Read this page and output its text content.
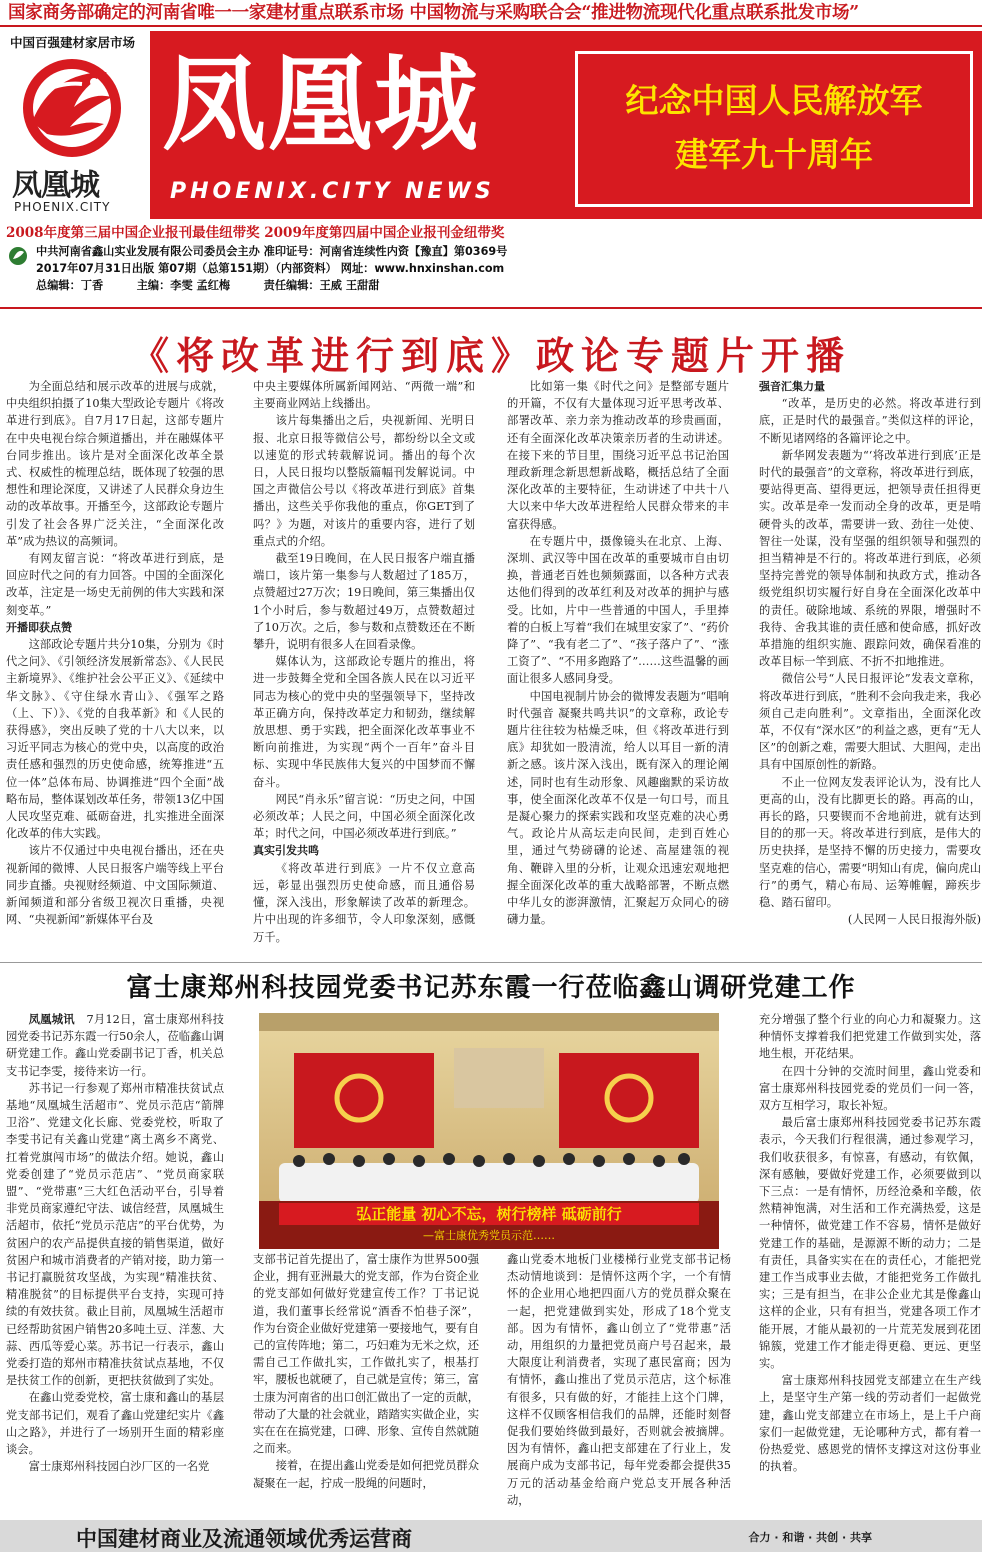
国家商务部确定的河南省唯一一家建材重点联系市场 中国物流与采购联合会“推进物流现代化重点联系批发市场”
中国百强建材家居市场
凤凰城
PHOENIX.CITY
凤凰城
PHOENIX.CITY NEWS
纪念中国人民解放军
建军九十周年
2008年度第三届中国企业报刊最佳纽带奖 2009年度第四届中国企业报刊金纽带奖
中共河南省鑫山实业发展有限公司委员会主办 准印证号：河南省连续性内资【豫直】第0369号
2017年07月31日出版 第07期（总第151期）（内部资料） 网址：www.hnxinshan.com
总编辑：丁香　　　主编：李雯 孟红梅　　　责任编辑：王威 王甜甜
《将改革进行到底》政论专题片开播

为全面总结和展示改革的进展与成就，中央组织拍摄了10集大型政论专题片《将改革进行到底》。自7月17日起，这部专题片在中央电视台综合频道播出，并在融媒体平台同步推出。该片是对全面深化改革全景式、权威性的梳理总结，既体现了较强的思想性和理论深度，又讲述了人民群众身边生动的改革故事。开播至今，这部政论专题片引发了社会各界广泛关注，“全面深化改革”成为热议的高频词。

有网友留言说：“将改革进行到底，是回应时代之问的有力回答。中国的全面深化改革，注定是一场史无前例的伟大实践和深刻变革。”

开播即获点赞

这部政论专题片共分10集，分别为《时代之问》、《引领经济发展新常态》、《人民民主新境界》、《维护社会公平正义》、《延续中华文脉》、《守住绿水青山》、《强军之路（上、下）》、《党的自我革新》和《人民的获得感》，突出反映了党的十八大以来，以习近平同志为核心的党中央，以高度的政治责任感和强烈的历史使命感，统筹推进“五位一体”总体布局、协调推进“四个全面”战略布局，整体谋划改革任务，带领13亿中国人民攻坚克难、砥砺奋进，扎实推进全面深化改革的伟大实践。

该片不仅通过中央电视台播出，还在央视新闻的微博、人民日报客户端等线上平台同步直播。央视财经频道、中文国际频道、新闻频道和部分省级卫视次日重播，央视网、“央视新闻”新媒体平台及

中央主要媒体所属新闻网站、“两微一端”和主要商业网站上线播出。

该片每集播出之后，央视新闻、光明日报、北京日报等微信公号，都纷纷以全文或以速览的形式转载解说词。播出的每个次日，人民日报均以整版篇幅刊发解说词。中国之声微信公号以《将改革进行到底》首集播出，这些关乎你我他的重点，你GET到了吗？》为题，对该片的重要内容，进行了划重点式的介绍。

截至19日晚间，在人民日报客户端直播端口，该片第一集参与人数超过了185万，点赞超过27万次；19日晚间，第三集播出仅1个小时后，参与数超过49万，点赞数超过了10万次。之后，参与数和点赞数还在不断攀升，说明有很多人在回看录像。

媒体认为，这部政论专题片的推出，将进一步鼓舞全党和全国各族人民在以习近平同志为核心的党中央的坚强领导下，坚持改革正确方向，保持改革定力和韧劲，继续解放思想、勇于实践，把全面深化改革事业不断向前推进，为实现“两个一百年”奋斗目标、实现中华民族伟大复兴的中国梦而不懈奋斗。

网民“肖永乐”留言说：“历史之问，中国必须改革；人民之问，中国必须全面深化改革；时代之问，中国必须改革进行到底。”

真实引发共鸣

《将改革进行到底》一片不仅立意高远，彰显出强烈历史使命感，而且通俗易懂，深入浅出，形象解读了改革的新理念。片中出现的许多细节，令人印象深刻，感慨万千。

比如第一集《时代之问》是整部专题片的开篇，不仅有大量体现习近平思考改革、部署改革、亲力亲为推动改革的珍贵画面，还有全面深化改革决策亲历者的生动讲述。在接下来的节目里，围绕习近平总书记治国理政新理念新思想新战略，概括总结了全面深化改革的主要特征，生动讲述了中共十八大以来中华大改革进程给人民群众带来的丰富获得感。

在专题片中，摄像镜头在北京、上海、深圳、武汉等中国在改革的重要城市自由切换，普通老百姓也频频露面，以各种方式表达他们得到的改革红利及对改革的拥护与感受。比如，片中一些普通的中国人，手里捧着的白板上写着“我们在城里安家了”、“药价降了”、“我有老二了”、“孩子落户了”、“涨工资了”、“不用多跑路了”……这些温馨的画面让很多人感同身受。

中国电视制片协会的微博发表题为“唱响时代强音 凝聚共鸣共识”的文章称，政论专题片往往较为枯燥乏味，但《将改革进行到底》却犹如一股清流，给人以耳目一新的清新之感。该片深入浅出，既有深入的理论阐述，同时也有生动形象、风趣幽默的采访故事，使全面深化改革不仅是一句口号，而且是凝心聚力的探索实践和攻坚克难的决心勇气。政论片从高坛走向民间，走到百姓心里，通过气势磅礴的论述、高屋建瓴的视角、鞭辟入里的分析，让观众迅速宏观地把握全面深化改革的重大战略部署，不断点燃中华儿女的澎湃激情，汇聚起万众同心的磅礴力量。

强音汇集力量

“改革，是历史的必然。将改革进行到底，正是时代的最强音。”类似这样的评论，不断见诸网络的各篇评论之中。

新华网发表题为“‘将改革进行到底’正是时代的最强音”的文章称，将改革进行到底，要站得更高、望得更远，把领导责任担得更实。改革是牵一发而动全身的改革，更是啃硬骨头的改革，需要讲一致、劲往一处使、智往一处谋，没有坚强的组织领导和强烈的担当精神是不行的。将改革进行到底，必须坚持完善党的领导体制和执政方式，推动各级党组织切实履行好自身在全面深化改革中的责任。破除地域、系统的界限，增强时不我待、舍我其谁的责任感和使命感，抓好改革措施的组织实施、跟踪问效，确保看准的改革目标一竿到底、不折不扣地推进。

微信公号“人民日报评论”发表文章称，将改革进行到底，“胜利不会向我走来，我必须自己走向胜利”。文章指出，全面深化改革，不仅有“深水区”的利益之惑，更有“无人区”的创新之难，需要大胆试、大胆闯，走出具有中国原创性的新路。

不止一位网友发表评论认为，没有比人更高的山，没有比脚更长的路。再高的山，再长的路，只要锲而不舍地前进，就有达到目的的那一天。将改革进行到底，是伟大的历史抉择，是坚持不懈的历史接力，需要攻坚克难的信心，需要“明知山有虎，偏向虎山行”的勇气，精心布局、运筹帷幄，蹄疾步稳、踏石留印。

(人民网－人民日报海外版)

富士康郑州科技园党委书记苏东霞一行莅临鑫山调研党建工作

凤凰城讯　7月12日，富士康郑州科技园党委书记苏东霞一行50余人，莅临鑫山调研党建工作。鑫山党委副书记丁香，机关总支书记李雯，接待来访一行。

苏书记一行参观了郑州市精准扶贫试点基地“凤凰城生活超市”、党员示范店“箭牌卫浴”、党建文化长廊、党委党校，听取了李雯书记有关鑫山党建“离土离乡不离党、扛着党旗闯市场”的做法介绍。她说，鑫山党委创建了“党员示范店”、“党员商家联盟”、“党带惠”三大红色活动平台，引导着非党员商家遵纪守法、诚信经营，凤凰城生活超市，依托“党员示范店”的平台优势，为贫困户的农产品提供直接的销售渠道，做好贫困户和城市消费者的产销对接，助力第一书记打赢脱贫攻坚战，为实现“精准扶贫、精准脱贫”的目标提供平台支持，实现可持续的有效扶贫。截止目前，凤凰城生活超市已经帮助贫困户销售20多吨土豆、洋葱、大蒜、西瓜等爱心菜。苏书记一行表示，鑫山党委打造的郑州市精准扶贫试点基地，不仅是扶贫工作的创新，更把扶贫做到了实处。

在鑫山党委党校，富士康和鑫山的基层党支部书记们，观看了鑫山党建纪实片《鑫山之路》，并进行了一场别开生面的精彩座谈会。

富士康郑州科技园白沙厂区的一名党

弘正能量 初心不忘，树行榜样 砥砺前行
—富士康优秀党员示范……

支部书记首先提出了，富士康作为世界500强企业，拥有亚洲最大的党支部，作为台资企业的党支部如何做好党建宣传工作？丁书记说道，我们董事长经常说“酒香不怕巷子深”，作为台资企业做好党建第一要接地气，要有自己的宣传阵地；第二，巧妇难为无米之炊，还需自己工作做扎实，工作做扎实了，根基打牢，腰板也就硬了，自己就是宣传；第三，富士康为河南省的出口创汇做出了一定的贡献，带动了大量的社会就业，踏踏实实做企业，实实在在在搞党建，口碑、形象、宣传自然就随之而来。

接着，在提出鑫山党委是如何把党员群众凝聚在一起，拧成一股绳的问题时，

鑫山党委木地板门业楼梯行业党支部书记杨杰动情地谈到：是情怀这两个字，一个有情怀的企业用心地把四面八方的党员群众聚在一起，把党建做到实处，形成了18个党支部。因为有情怀，鑫山创立了“党带惠”活动，用组织的力量把党员商户号召起来，最大限度让利消费者，实现了惠民富商；因为有情怀，鑫山推出了党员示范店，这个标准有很多，只有做的好，才能挂上这个门牌，这样不仅顾客相信我们的品牌，还能时刻督促我们要始终做到最好，否则就会被摘牌。因为有情怀，鑫山把支部建在了行业上，发展商户成为支部书记，每年党委都会提供35万元的活动基金给商户党总支开展各种活动，

充分增强了整个行业的向心力和凝聚力。这种情怀支撑着我们把党建工作做到实处，落地生根，开花结果。

在四十分钟的交流时间里，鑫山党委和富士康郑州科技园党委的党员们一问一答，双方互相学习，取长补短。

最后富士康郑州科技园党委书记苏东霞表示，今天我们行程很满，通过参观学习，我们收获很多，有惊喜，有感动，有钦佩，深有感触，要做好党建工作，必须要做到以下三点：一是有情怀，历经沧桑和辛酸，依然精神饱满，对生活和工作充满热爱，这是一种情怀，做党建工作不容易，情怀是做好党建工作的基础，是源源不断的动力；二是有责任，具备实实在在的责任心，才能把党建工作当成事业去做，才能把党务工作做扎实；三是有担当，在非公企业尤其是像鑫山这样的企业，只有有担当，党建各项工作才能开展，才能从最初的一片荒芜发展到花团锦簇，党建工作才能走得更稳、更远、更坚实。

富士康郑州科技园党支部建立在生产线上，是坚守生产第一线的劳动者们一起做党建，鑫山党支部建立在市场上，是上千户商家们一起做党建，无论哪种方式，都有着一份热爱党、感恩党的情怀支撑这对这份事业的执着。

中国建材商业及流通领域优秀运营商	合力 · 和谐 · 共创 · 共享
